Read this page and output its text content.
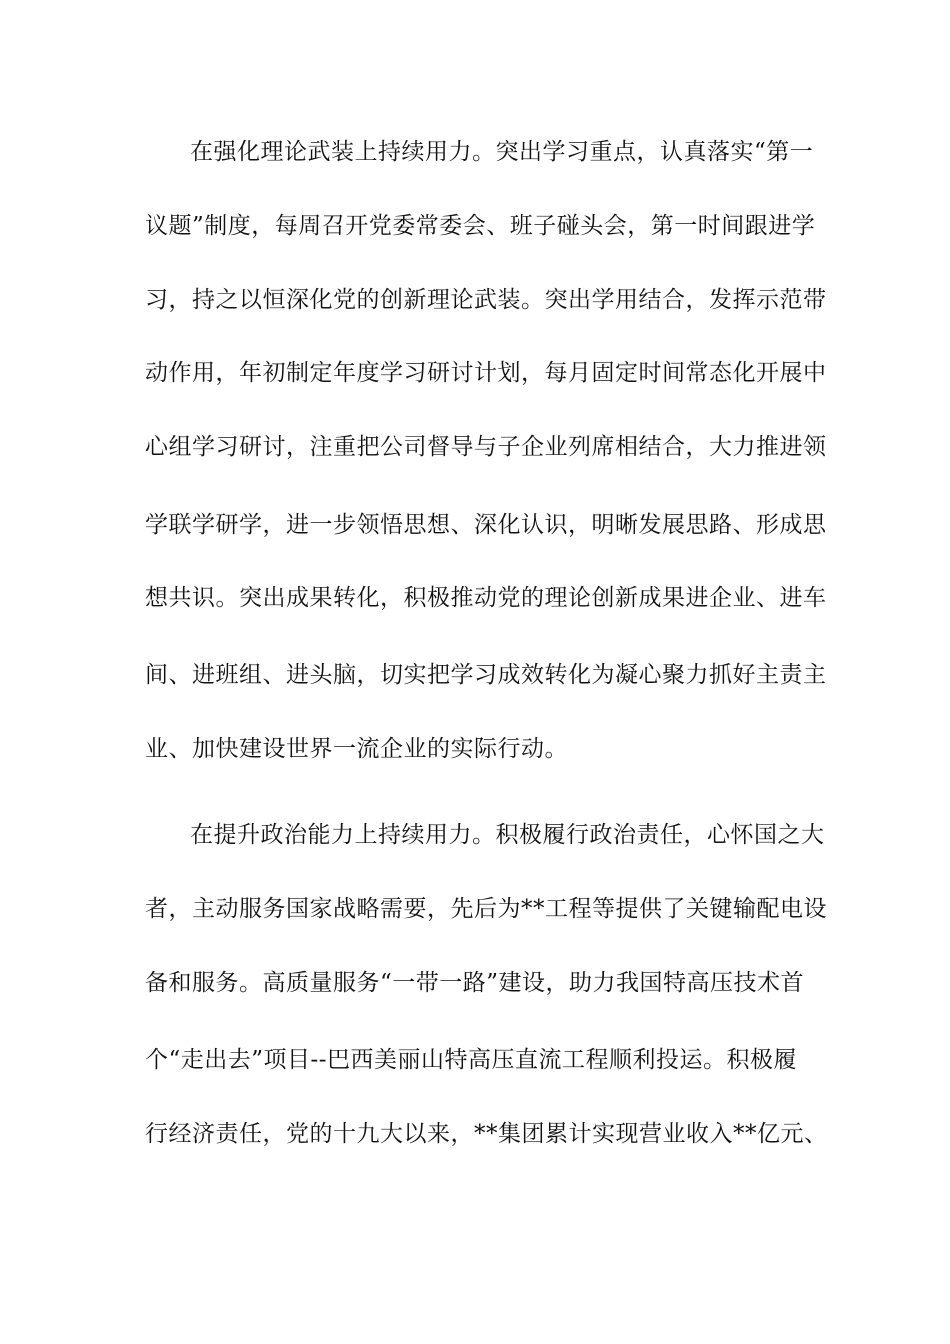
在强化理论武装上持续用力。突出学习重点，认真落实“第一
议题”制度，每周召开党委常委会、班子碰头会，第一时间跟进学
习，持之以恒深化党的创新理论武装。突出学用结合，发挥示范带
动作用，年初制定年度学习研讨计划，每月固定时间常态化开展中
心组学习研讨，注重把公司督导与子企业列席相结合，大力推进领
学联学研学，进一步领悟思想、深化认识，明晰发展思路、形成思
想共识。突出成果转化，积极推动党的理论创新成果进企业、进车
间、进班组、进头脑，切实把学习成效转化为凝心聚力抓好主责主
业、加快建设世界一流企业的实际行动。
在提升政治能力上持续用力。积极履行政治责任，心怀国之大
者，主动服务国家战略需要，先后为**工程等提供了关键输配电设
备和服务。高质量服务“一带一路”建设，助力我国特高压技术首
个“走出去”项目--巴西美丽山特高压直流工程顺利投运。积极履
行经济责任，党的十九大以来，**集团累计实现营业收入**亿元、
